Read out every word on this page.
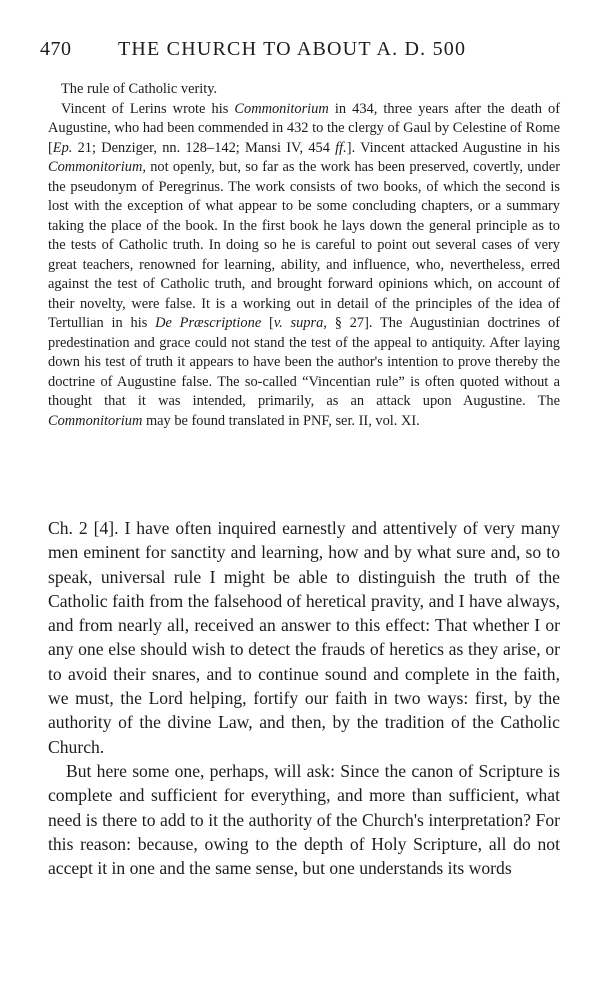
470 THE CHURCH TO ABOUT A. D. 500

The rule of Catholic verity.

Vincent of Lerins wrote his Commonitorium in 434, three years after the death of Augustine, who had been commended in 432 to the clergy of Gaul by Celestine of Rome [Ep. 21; Denziger, nn. 128–142; Mansi IV, 454 ff.]. Vincent attacked Augustine in his Commonitorium, not openly, but, so far as the work has been preserved, covertly, under the pseudonym of Peregrinus. The work consists of two books, of which the second is lost with the exception of what appear to be some concluding chapters, or a summary taking the place of the book. In the first book he lays down the general principle as to the tests of Catholic truth. In doing so he is careful to point out several cases of very great teachers, renowned for learning, ability, and influence, who, nevertheless, erred against the test of Catholic truth, and brought forward opinions which, on account of their novelty, were false. It is a working out in detail of the principles of the idea of Tertullian in his De Præscriptione [v. supra, § 27]. The Augustinian doctrines of predestination and grace could not stand the test of the appeal to antiquity. After laying down his test of truth it appears to have been the author's intention to prove thereby the doctrine of Augustine false. The so-called “Vincentian rule” is often quoted without a thought that it was intended, primarily, as an attack upon Augustine. The Commonitorium may be found translated in PNF, ser. II, vol. XI.

Ch. 2 [4]. I have often inquired earnestly and attentively of very many men eminent for sanctity and learning, how and by what sure and, so to speak, universal rule I might be able to distinguish the truth of the Catholic faith from the falsehood of heretical pravity, and I have always, and from nearly all, received an answer to this effect: That whether I or any one else should wish to detect the frauds of heretics as they arise, or to avoid their snares, and to continue sound and complete in the faith, we must, the Lord helping, fortify our faith in two ways: first, by the authority of the divine Law, and then, by the tradition of the Catholic Church.

But here some one, perhaps, will ask: Since the canon of Scripture is complete and sufficient for everything, and more than sufficient, what need is there to add to it the authority of the Church's interpretation? For this reason: because, owing to the depth of Holy Scripture, all do not accept it in one and the same sense, but one understands its words
